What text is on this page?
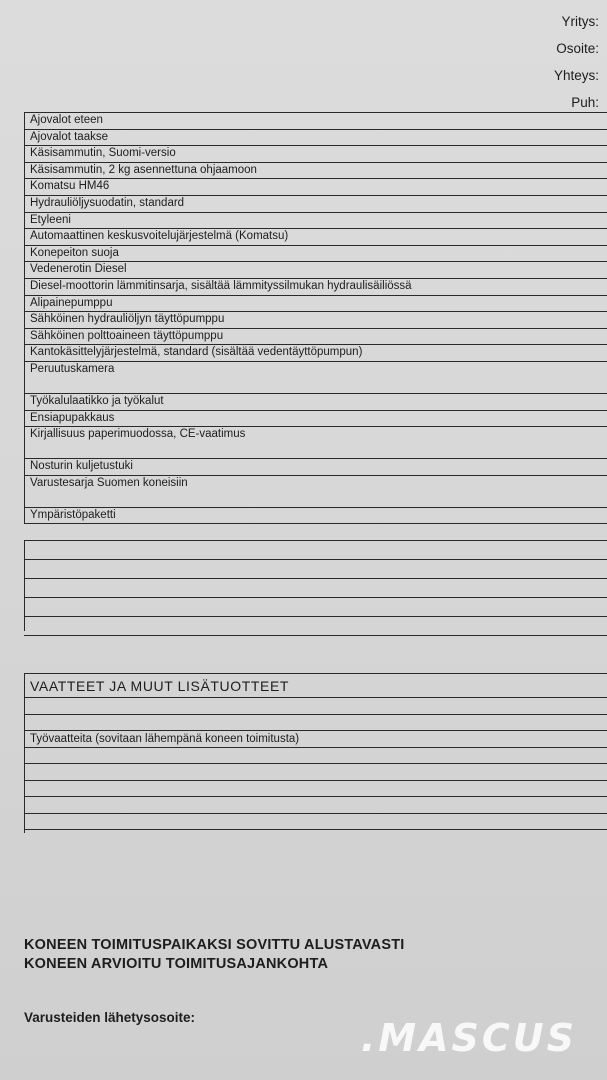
Yritys:
Osoite:
Yhteys:
Puh:
Ajovalot eteen
Ajovalot taakse
Käsisammutin, Suomi-versio
Käsisammutin, 2 kg asennettuna ohjaamoon
Komatsu HM46
Hydrauliöljysuodatin, standard
Etyleeni
Automaattinen keskusvoitelujärjestelmä (Komatsu)
Konepeiton suoja
Vedenerotin Diesel
Diesel-moottorin lämmitinsarja, sisältää lämmityssilmukan hydraulisäiliössä
Alipainepumppu
Sähköinen hydrauliöljyn täyttöpumppu
Sähköinen polttoaineen täyttöpumppu
Kantokäsittelyjärjestelmä, standard (sisältää vedentäyttöpumpun)
Peruutuskamera
Työkalulaatikko ja työkalut
Ensiapupakkaus
Kirjallisuus paperimuodossa, CE-vaatimus
Nosturin kuljetustuki
Varustesarja Suomen koneisiin
Ympäristöpaketti
VAATTEET JA MUUT LISÄTUOTTEET
Työvaatteita (sovitaan lähempänä koneen toimitusta)
KONEEN TOIMITUSPAIKAKSI SOVITTU ALUSTAVASTI
KONEEN ARVIOITU TOIMITUSAJANKOHTA
Varusteiden lähetysosoite:	.MASCUS
